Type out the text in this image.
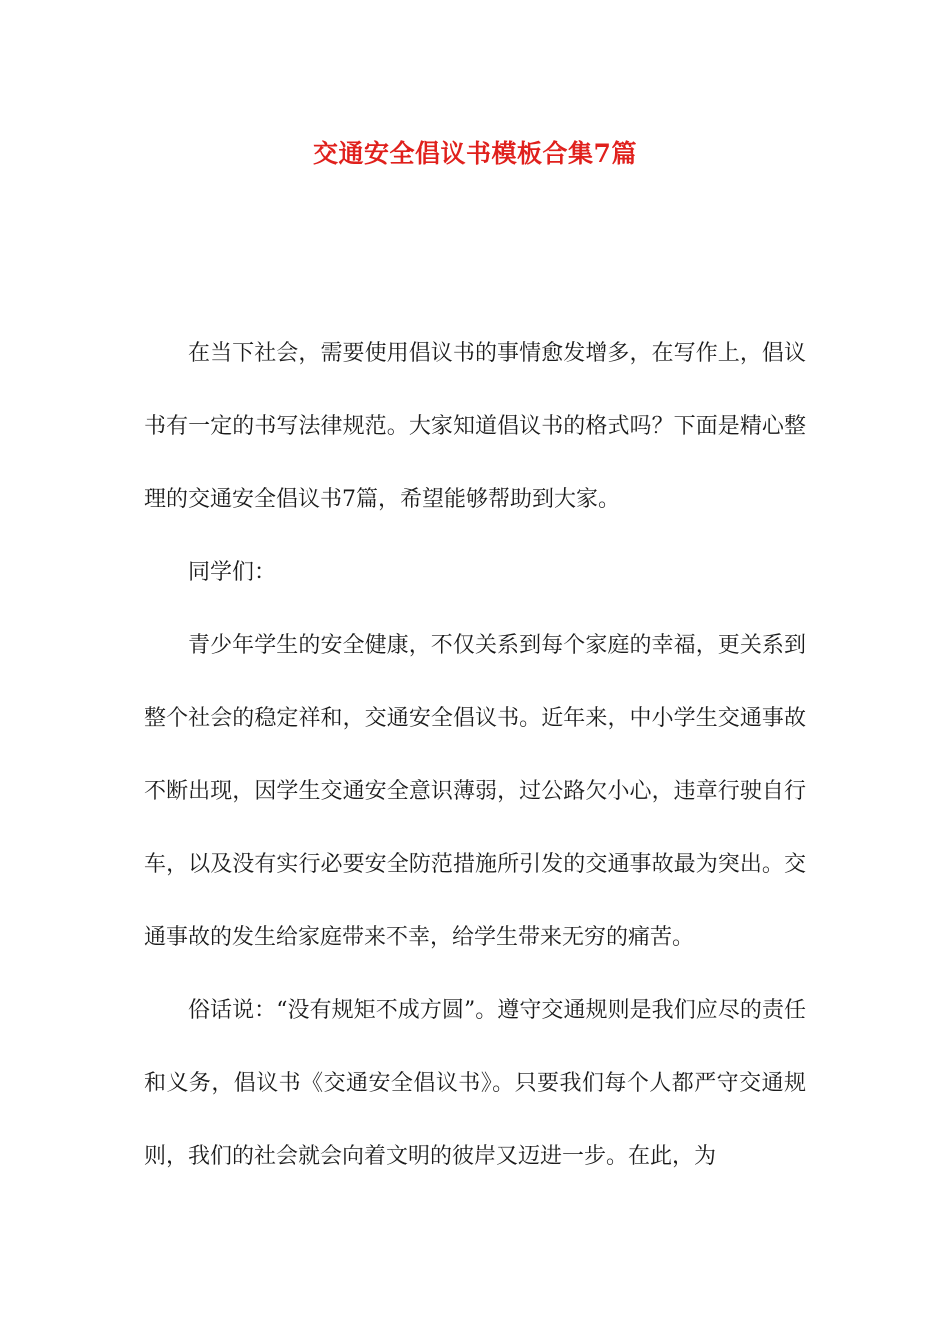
交通安全倡议书模板合集7篇

在当下社会，需要使用倡议书的事情愈发增多，在写作上，倡议书有一定的书写法律规范。大家知道倡议书的格式吗？下面是精心整理的交通安全倡议书7篇，希望能够帮助到大家。

同学们：

青少年学生的安全健康，不仅关系到每个家庭的幸福，更关系到整个社会的稳定祥和，交通安全倡议书。近年来，中小学生交通事故不断出现，因学生交通安全意识薄弱，过公路欠小心，违章行驶自行车，以及没有实行必要安全防范措施所引发的交通事故最为突出。交通事故的发生给家庭带来不幸，给学生带来无穷的痛苦。

俗话说：“没有规矩不成方圆”。遵守交通规则是我们应尽的责任和义务，倡议书《交通安全倡议书》。只要我们每个人都严守交通规则，我们的社会就会向着文明的彼岸又迈进一步。在此，为
